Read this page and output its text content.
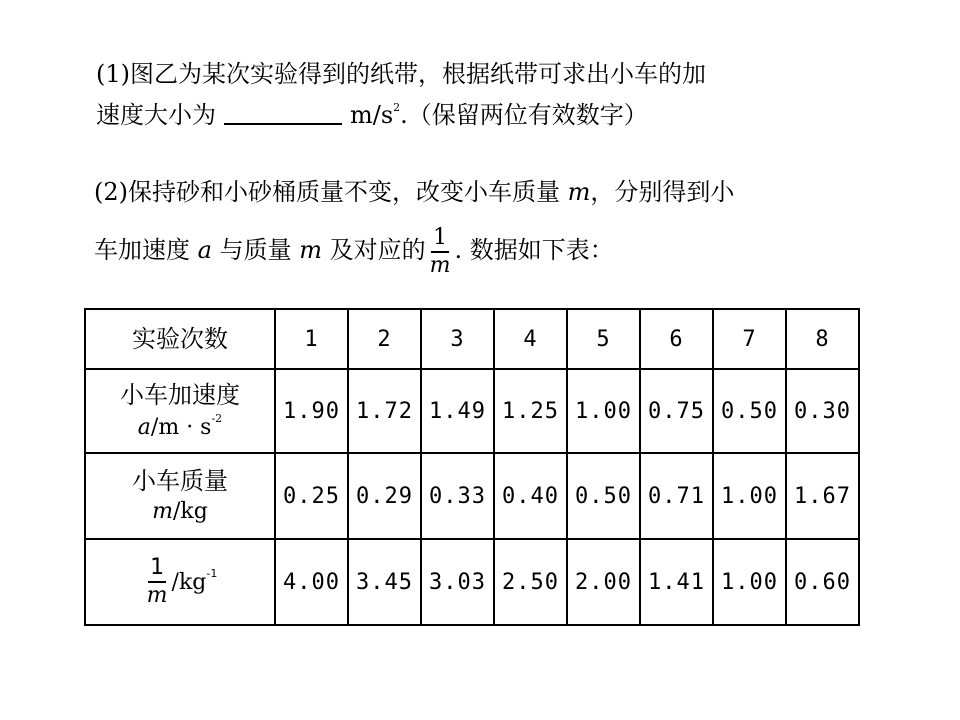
(1)图乙为某次实验得到的纸带，根据纸带可求出小车的加
速度大小为	$m/s^2$.（保留两位有效数字）
(2)保持砂和小砂桶质量不变，改变小车质量 m，分别得到小
车加速度 a 与质量 m 及对应的 $\frac{1}{m}$ . 数据如下表：
实验次数	1	2	3	4	5	6	7	8

小车加速度
$a/m \cdot s^{-2}$	1.90	1.72	1.49	1.25	1.00	0.75	0.50	0.30

小车质量
m/kg	0.25	0.29	0.33	0.40	0.50	0.71	1.00	1.67

$\frac{1}{m} /kg^{-1}$	4.00	3.45	3.03	2.50	2.00	1.41	1.00	0.60
